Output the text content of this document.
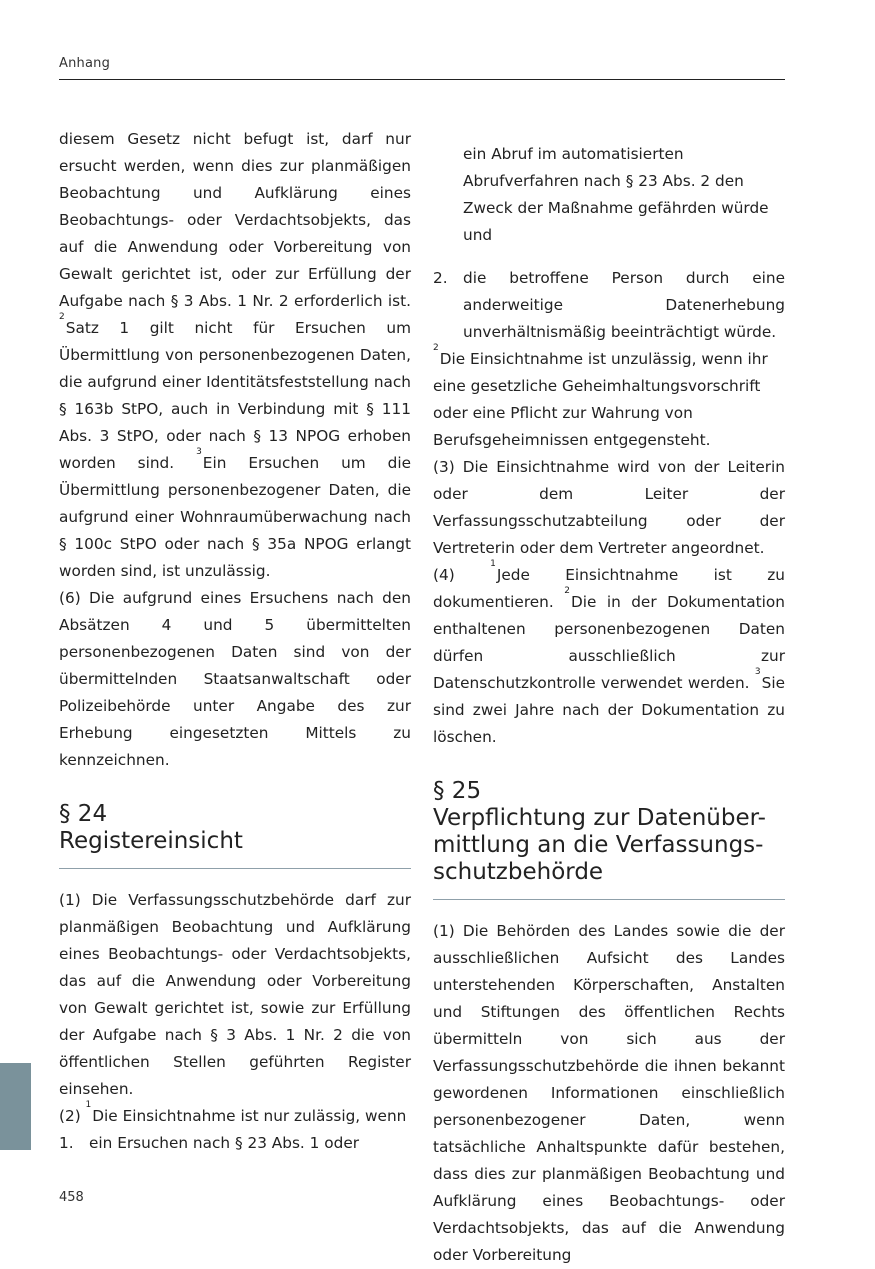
Anhang

diesem Gesetz nicht befugt ist, darf nur ersucht werden, wenn dies zur planmäßigen Beobachtung und Aufklärung eines Beobachtungs- oder Verdachtsobjekts, das auf die Anwendung oder Vorbereitung von Gewalt gerichtet ist, oder zur Erfüllung der Aufgabe nach § 3 Abs. 1 Nr. 2 erforderlich ist. $^2$Satz 1 gilt nicht für Ersuchen um Übermittlung von personenbezogenen Daten, die aufgrund einer Identitätsfeststellung nach § 163b StPO, auch in Verbindung mit § 111 Abs. 3 StPO, oder nach § 13 NPOG erhoben worden sind. $^3$Ein Ersuchen um die Übermittlung personenbezogener Daten, die aufgrund einer Wohnraumüberwachung nach § 100c StPO oder nach § 35a NPOG erlangt worden sind, ist unzulässig.

(6) Die aufgrund eines Ersuchens nach den Absätzen 4 und 5 übermittelten personenbezogenen Daten sind von der übermittelnden Staatsanwaltschaft oder Polizeibehörde unter Angabe des zur Erhebung eingesetzten Mittels zu kennzeichnen.

§ 24
Registereinsicht

(1) Die Verfassungsschutzbehörde darf zur planmäßigen Beobachtung und Aufklärung eines Beobachtungs- oder Verdachtsobjekts, das auf die Anwendung oder Vorbereitung von Gewalt gerichtet ist, sowie zur Erfüllung der Aufgabe nach § 3 Abs. 1 Nr. 2 die von öffentlichen Stellen geführten Register einsehen.

(2) $^1$Die Einsichtnahme ist nur zulässig, wenn

1.	ein Ersuchen nach § 23 Abs. 1 oder

ein Abruf im automatisierten Abrufverfahren nach § 23 Abs. 2 den Zweck der Maßnahme gefährden würde und

2.	die betroffene Person durch eine anderweitige Datenerhebung unverhältnismäßig beeinträchtigt würde.

$^2$Die Einsichtnahme ist unzulässig, wenn ihr eine gesetzliche Geheimhaltungsvorschrift oder eine Pflicht zur Wahrung von Berufsgeheimnissen entgegensteht.

(3) Die Einsichtnahme wird von der Leiterin oder dem Leiter der Verfassungsschutzabteilung oder der Vertreterin oder dem Vertreter angeordnet.

(4) $^1$Jede Einsichtnahme ist zu dokumentieren. $^2$Die in der Dokumentation enthaltenen personenbezogenen Daten dürfen ausschließlich zur Datenschutzkontrolle verwendet werden. $^3$Sie sind zwei Jahre nach der Dokumentation zu löschen.

§ 25
Verpflichtung zur Datenüber-
mittlung an die Verfassungs-
schutzbehörde

(1) Die Behörden des Landes sowie die der ausschließlichen Aufsicht des Landes unterstehenden Körperschaften, Anstalten und Stiftungen des öffentlichen Rechts übermitteln von sich aus der Verfassungsschutzbehörde die ihnen bekannt gewordenen Informationen einschließlich personenbezogener Daten, wenn tatsächliche Anhaltspunkte dafür bestehen, dass dies zur planmäßigen Beobachtung und Aufklärung eines Beobachtungs- oder Verdachtsobjekts, das auf die Anwendung oder Vorbereitung

458
